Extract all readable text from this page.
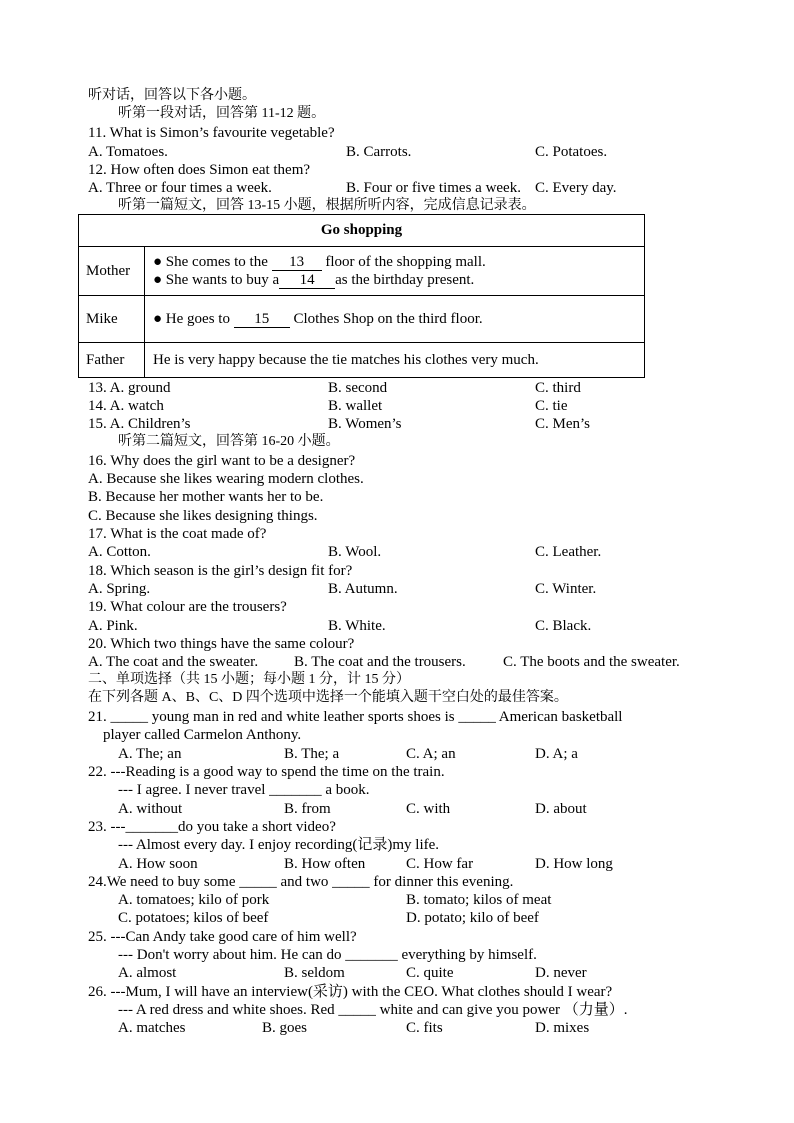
听对话，回答以下各小题。
听第一段对话，回答第 11-12 题。
11. What is Simon’s favourite vegetable?
A. Tomatoes.	B. Carrots.	C. Potatoes.
12. How often does Simon eat them?
A. Three or four times a week.	B. Four or five times a week. C. Every day.
听第一篇短文，回答 13-15 小题，根据所听内容，完成信息记录表。
Go shopping	
Mother	● She comes to the 13 floor of the shopping mall.
● She wants to buy a 14 as the birthday present.

Mike	● He goes to 15 Clothes Shop on the third floor.
Father	He is very happy because the tie matches his clothes very much.
13. A. ground	B. second	C. third
14. A. watch	B. wallet	C. tie
15. A. Children’s	B. Women’s	C. Men’s
听第二篇短文，回答第 16-20 小题。
16. Why does the girl want to be a designer?
A. Because she likes wearing modern clothes.
B. Because her mother wants her to be.
C. Because she likes designing things.
17. What is the coat made of?
A. Cotton.	B. Wool.	C. Leather.
18. Which season is the girl’s design fit for?
A. Spring.	B. Autumn.	C. Winter.
19. What colour are the trousers?
A. Pink.	B. White.	C. Black.
20. Which two things have the same colour?
A. The coat and the sweater. B. The coat and the trousers. C. The boots and the sweater.
二、单项选择（共 15 小题；每小题 1 分，计 15 分）
在下列各题 A、B、C、D 四个选项中选择一个能填入题干空白处的最佳答案。
21. _____ young man in red and white leather sports shoes is _____ American basketball
player called Carmelon Anthony.
A. The; an	B. The; a	C. A; an	D. A; a
22. ---Reading is a good way to spend the time on the train.
--- I agree. I never travel _______ a book.
A. without	B. from	C. with	D. about
23. ---_______do you take a short video?
--- Almost every day. I enjoy recording(记录)my life.
A. How soon	B. How often	C. How far	D. How long
24.We need to buy some _____ and two _____ for dinner this evening.
A. tomatoes; kilo of pork	B. tomato; kilos of meat
C. potatoes; kilos of beef	D. potato; kilo of beef
25. ---Can Andy take good care of him well?
--- Don't worry about him. He can do _______ everything by himself.
A. almost	B. seldom	C. quite	D. never
26. ---Mum, I will have an interview(采访) with the CEO. What clothes should I wear?
--- A red dress and white shoes. Red _____ white and can give you power （力量）.
A. matches	B. goes	C. fits	D. mixes
